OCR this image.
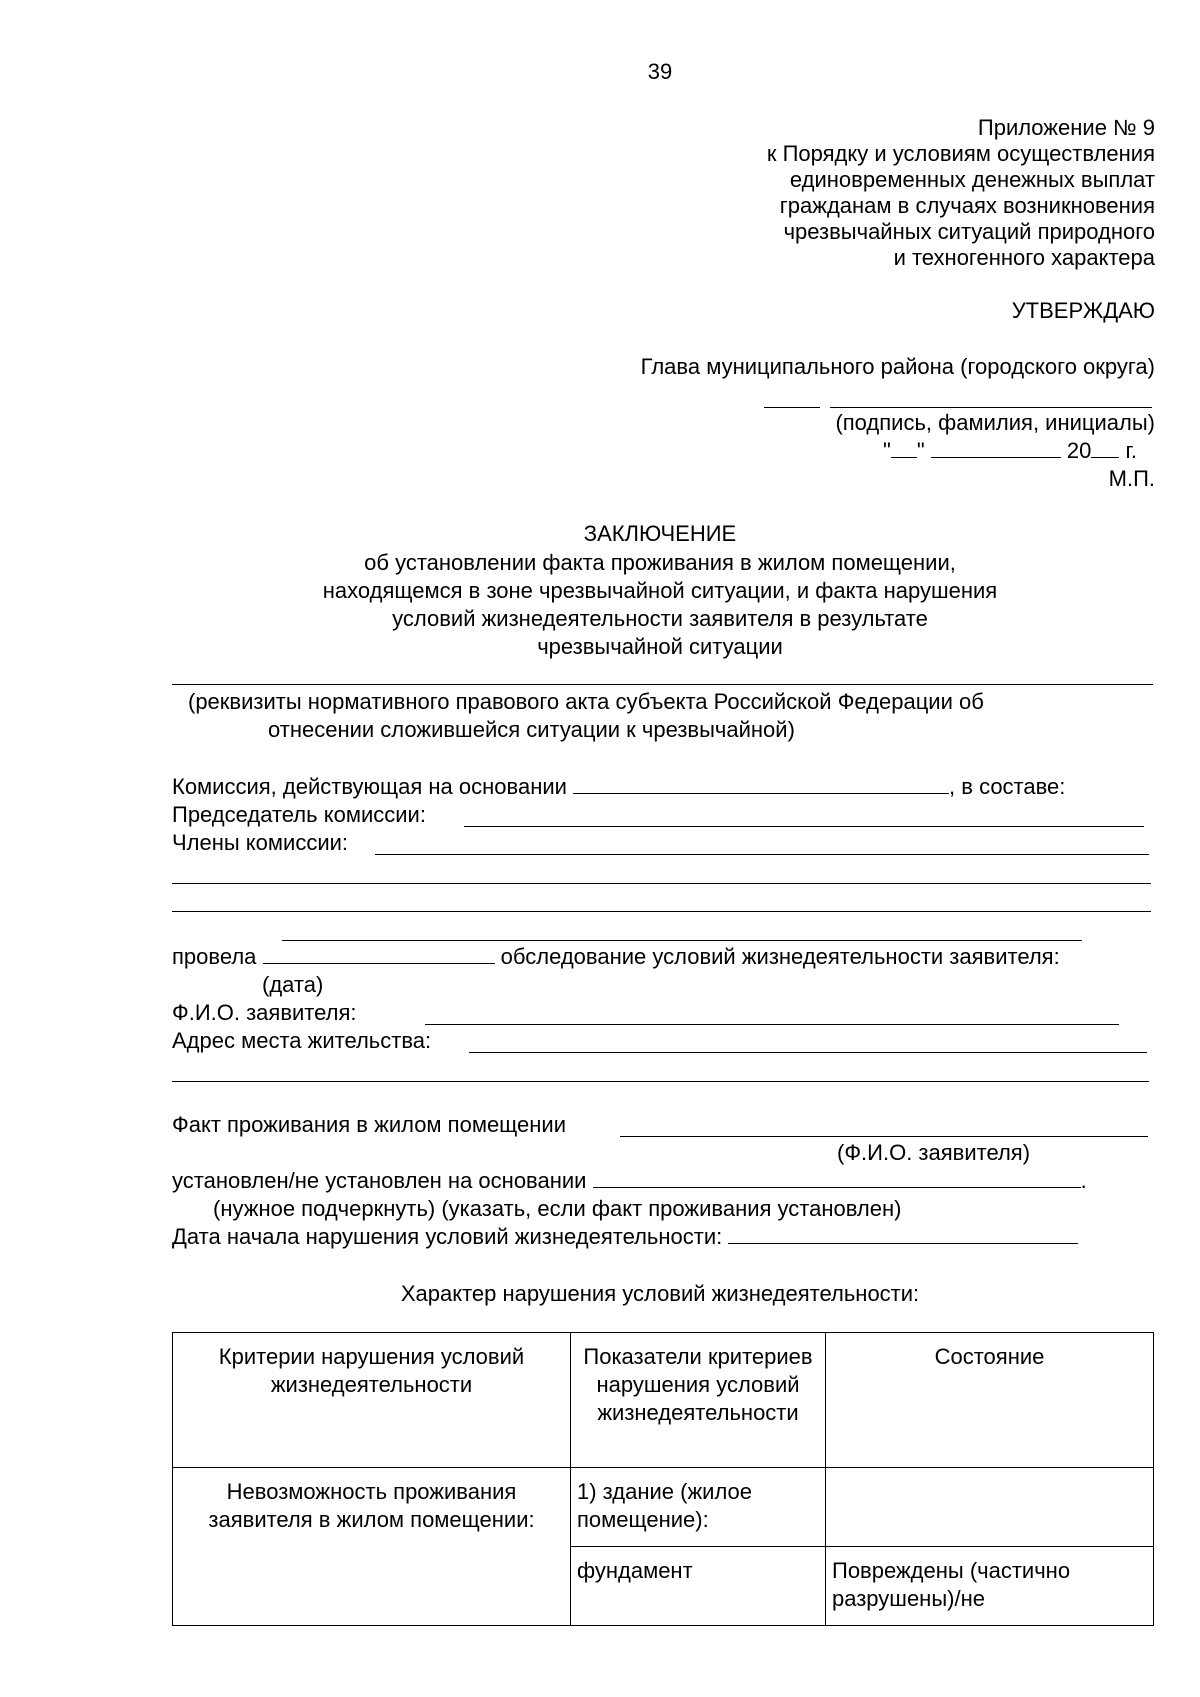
39
Приложение № 9
к Порядку и условиям осуществления
единовременных денежных выплат
гражданам в случаях возникновения
чрезвычайных ситуаций природного
и техногенного характера
УТВЕРЖДАЮ
Глава муниципального района (городского округа)
(подпись, фамилия, инициалы)
" "	20 г.
М.П.
ЗАКЛЮЧЕНИЕ
об установлении факта проживания в жилом помещении,
находящемся в зоне чрезвычайной ситуации, и факта нарушения
условий жизнедеятельности заявителя в результате
чрезвычайной ситуации
(реквизиты нормативного правового акта субъекта Российской Федерации об
отнесении сложившейся ситуации к чрезвычайной)
Комиссия, действующая на основании	, в составе:
Председатель комиссии:
Члены комиссии:
провела	обследование условий жизнедеятельности заявителя:
(дата)
Ф.И.О. заявителя:
Адрес места жительства:
Факт проживания в жилом помещении
(Ф.И.О. заявителя)
установлен/не установлен на основании	.
(нужное подчеркнуть) (указать, если факт проживания установлен)
Дата начала нарушения условий жизнедеятельности:
Характер нарушения условий жизнедеятельности:
Критерии нарушения условий жизнедеятельности	Показатели критериев нарушения условий жизнедеятельности	Состояние
Невозможность проживания заявителя в жилом помещении:	1) здание (жилое помещение):	
	фундамент	Повреждены (частично разрушены)/не
